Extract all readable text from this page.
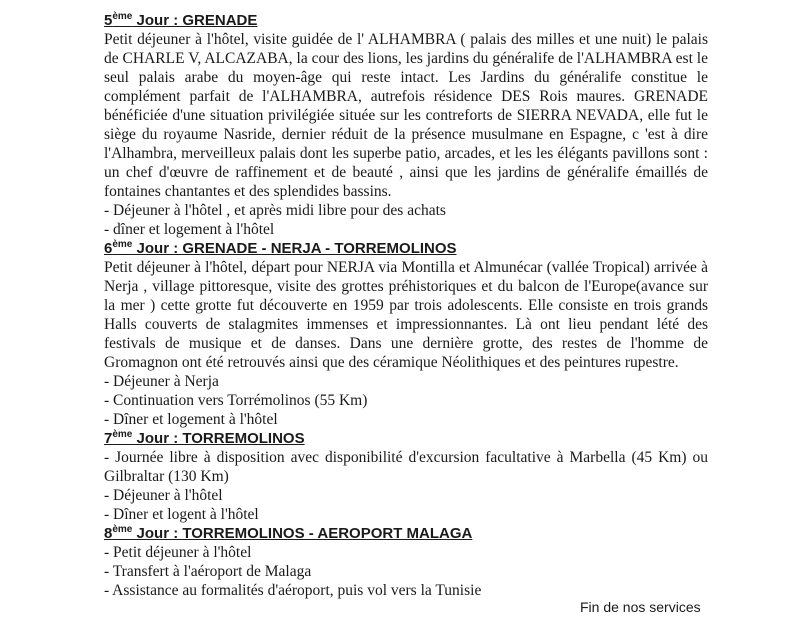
5ème Jour : GRENADE

Petit déjeuner à l'hôtel, visite guidée de l' ALHAMBRA ( palais des milles et une nuit) le palais de CHARLE V, ALCAZABA, la cour des lions, les jardins du généralife de l'ALHAMBRA est le seul palais arabe du moyen-âge qui reste intact. Les Jardins du généralife constitue le complément parfait de l'ALHAMBRA, autrefois résidence DES Rois maures. GRENADE bénéficiée d'une situation privilégiée située sur les contreforts de SIERRA NEVADA, elle fut le siège du royaume Nasride, dernier réduit de la présence musulmane en Espagne, c 'est à dire l'Alhambra, merveilleux palais dont les superbe patio, arcades, et les les élégants pavillons sont : un chef d'œuvre de raffinement et de beauté , ainsi que les jardins de généralife émaillés de fontaines chantantes et des splendides bassins.

- Déjeuner à l'hôtel , et après midi libre pour des achats

- dîner et logement à l'hôtel

6ème Jour : GRENADE - NERJA - TORREMOLINOS

Petit déjeuner à l'hôtel, départ pour NERJA via Montilla et Almunécar (vallée Tropical) arrivée à Nerja , village pittoresque, visite des grottes préhistoriques et du balcon de l'Europe(avance sur la mer ) cette grotte fut découverte en 1959 par trois adolescents. Elle consiste en trois grands Halls couverts de stalagmites immenses et impressionnantes. Là ont lieu pendant lété des festivals de musique et de danses. Dans une dernière grotte, des restes de l'homme de Gromagnon ont été retrouvés ainsi que des céramique Néolithiques et des peintures rupestre.

- Déjeuner à Nerja

- Continuation vers Torrémolinos (55 Km)

- Dîner et logement à l'hôtel

7ème Jour : TORREMOLINOS

- Journée libre à disposition avec disponibilité d'excursion facultative à Marbella (45 Km) ou Gilbraltar (130 Km)

- Déjeuner à l'hôtel

- Dîner et logent à l'hôtel

8ème Jour : TORREMOLINOS - AEROPORT MALAGA

- Petit déjeuner à l'hôtel

- Transfert à l'aéroport de Malaga

- Assistance au formalités d'aéroport, puis vol vers la Tunisie

Fin de nos services
